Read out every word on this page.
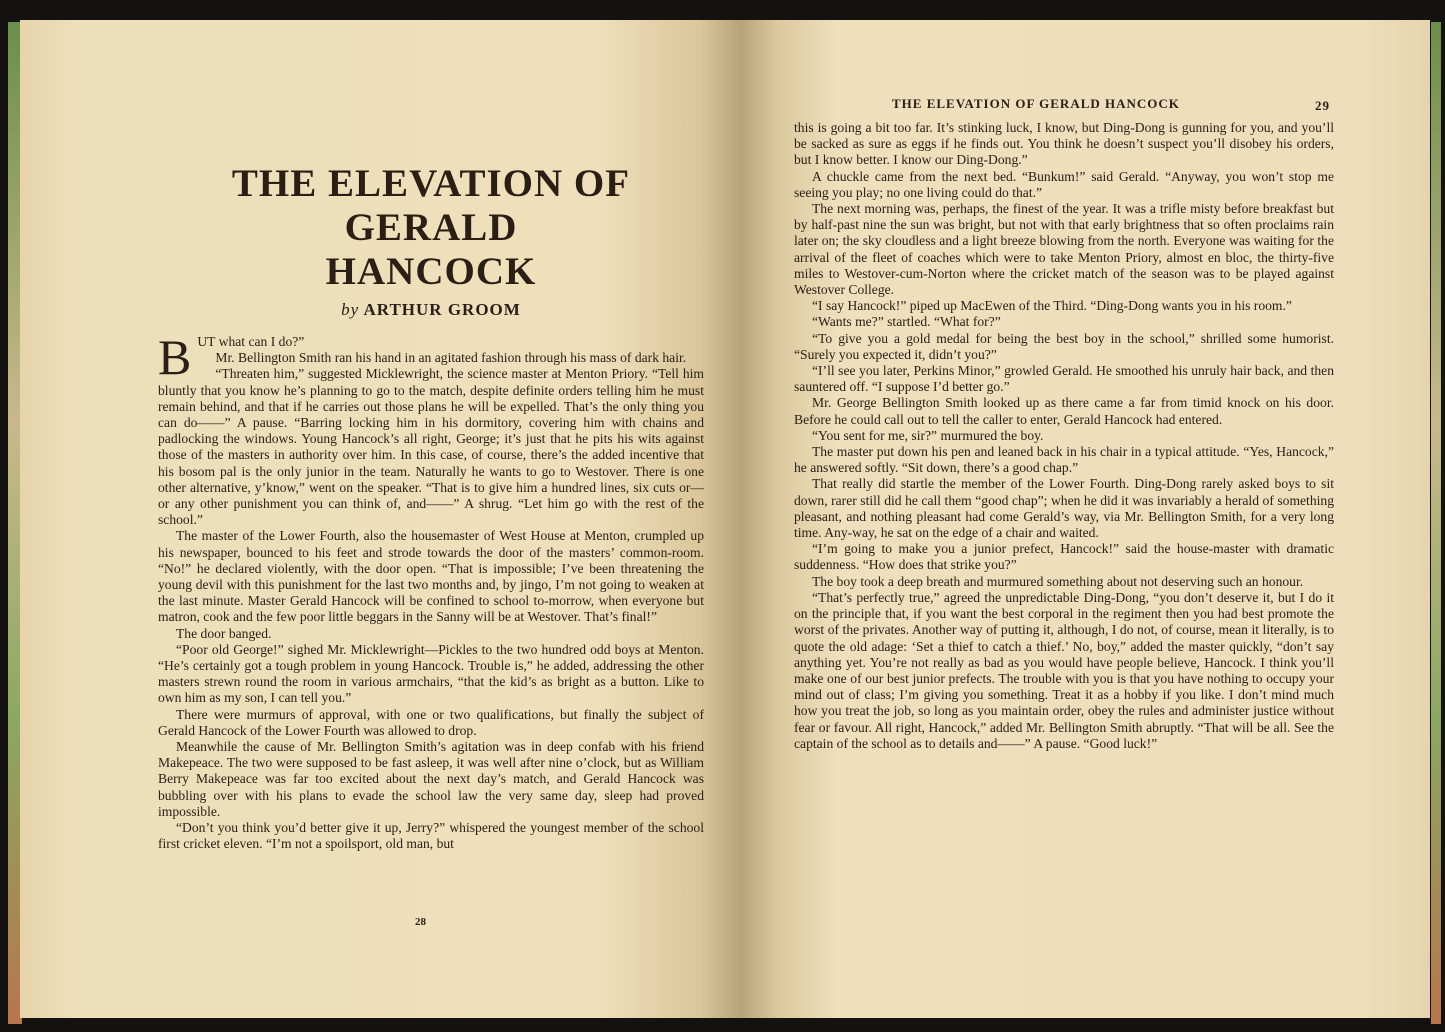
THE ELEVATION OF GERALD
HANCOCK
by ARTHUR GROOM

BUT what can I do?”

Mr. Bellington Smith ran his hand in an agitated fashion through his mass of dark hair.

“Threaten him,” suggested Micklewright, the science master at Menton Priory. “Tell him bluntly that you know he’s planning to go to the match, despite definite orders telling him he must remain behind, and that if he carries out those plans he will be expelled. That’s the only thing you can do——” A pause. “Barring locking him in his dormitory, covering him with chains and padlocking the windows. Young Hancock’s all right, George; it’s just that he pits his wits against those of the masters in authority over him. In this case, of course, there’s the added incentive that his bosom pal is the only junior in the team. Naturally he wants to go to Westover. There is one other alternative, y’know,” went on the speaker. “That is to give him a hundred lines, six cuts or—or any other punishment you can think of, and——” A shrug. “Let him go with the rest of the school.”

The master of the Lower Fourth, also the housemaster of West House at Menton, crumpled up his newspaper, bounced to his feet and strode towards the door of the masters’ common-room. “No!” he declared violently, with the door open. “That is impossible; I’ve been threatening the young devil with this punishment for the last two months and, by jingo, I’m not going to weaken at the last minute. Master Gerald Hancock will be confined to school to-morrow, when everyone but matron, cook and the few poor little beggars in the Sanny will be at Westover. That’s final!”

The door banged.

“Poor old George!” sighed Mr. Micklewright—Pickles to the two hundred odd boys at Menton. “He’s certainly got a tough problem in young Hancock. Trouble is,” he added, addressing the other masters strewn round the room in various armchairs, “that the kid’s as bright as a button. Like to own him as my son, I can tell you.”

There were murmurs of approval, with one or two qualifications, but finally the subject of Gerald Hancock of the Lower Fourth was allowed to drop.

Meanwhile the cause of Mr. Bellington Smith’s agitation was in deep confab with his friend Makepeace. The two were supposed to be fast asleep, it was well after nine o’clock, but as William Berry Makepeace was far too excited about the next day’s match, and Gerald Hancock was bubbling over with his plans to evade the school law the very same day, sleep had proved impossible.

“Don’t you think you’d better give it up, Jerry?” whispered the youngest member of the school first cricket eleven. “I’m not a spoilsport, old man, but

28
THE ELEVATION OF GERALD HANCOCK	29

this is going a bit too far. It’s stinking luck, I know, but Ding-Dong is gunning for you, and you’ll be sacked as sure as eggs if he finds out. You think he doesn’t suspect you’ll disobey his orders, but I know better. I know our Ding-Dong.”

A chuckle came from the next bed. “Bunkum!” said Gerald. “Anyway, you won’t stop me seeing you play; no one living could do that.”

The next morning was, perhaps, the finest of the year. It was a trifle misty before breakfast but by half-past nine the sun was bright, but not with that early brightness that so often proclaims rain later on; the sky cloudless and a light breeze blowing from the north. Everyone was waiting for the arrival of the fleet of coaches which were to take Menton Priory, almost en bloc, the thirty-five miles to Westover-cum-Norton where the cricket match of the season was to be played against Westover College.

“I say Hancock!” piped up MacEwen of the Third. “Ding-Dong wants you in his room.”

“Wants me?” startled. “What for?”

“To give you a gold medal for being the best boy in the school,” shrilled some humorist. “Surely you expected it, didn’t you?”

“I’ll see you later, Perkins Minor,” growled Gerald. He smoothed his unruly hair back, and then sauntered off. “I suppose I’d better go.”

Mr. George Bellington Smith looked up as there came a far from timid knock on his door. Before he could call out to tell the caller to enter, Gerald Hancock had entered.

“You sent for me, sir?” murmured the boy.

The master put down his pen and leaned back in his chair in a typical attitude. “Yes, Hancock,” he answered softly. “Sit down, there’s a good chap.”

That really did startle the member of the Lower Fourth. Ding-Dong rarely asked boys to sit down, rarer still did he call them “good chap”; when he did it was invariably a herald of something pleasant, and nothing pleasant had come Gerald’s way, via Mr. Bellington Smith, for a very long time. Any-way, he sat on the edge of a chair and waited.

“I’m going to make you a junior prefect, Hancock!” said the house-master with dramatic suddenness. “How does that strike you?”

The boy took a deep breath and murmured something about not deserving such an honour.

“That’s perfectly true,” agreed the unpredictable Ding-Dong, “you don’t deserve it, but I do it on the principle that, if you want the best corporal in the regiment then you had best promote the worst of the privates. Another way of putting it, although, I do not, of course, mean it literally, is to quote the old adage: ‘Set a thief to catch a thief.’ No, boy,” added the master quickly, “don’t say anything yet. You’re not really as bad as you would have people believe, Hancock. I think you’ll make one of our best junior prefects. The trouble with you is that you have nothing to occupy your mind out of class; I’m giving you something. Treat it as a hobby if you like. I don’t mind much how you treat the job, so long as you maintain order, obey the rules and administer justice without fear or favour. All right, Hancock,” added Mr. Bellington Smith abruptly. “That will be all. See the captain of the school as to details and——” A pause. “Good luck!”
